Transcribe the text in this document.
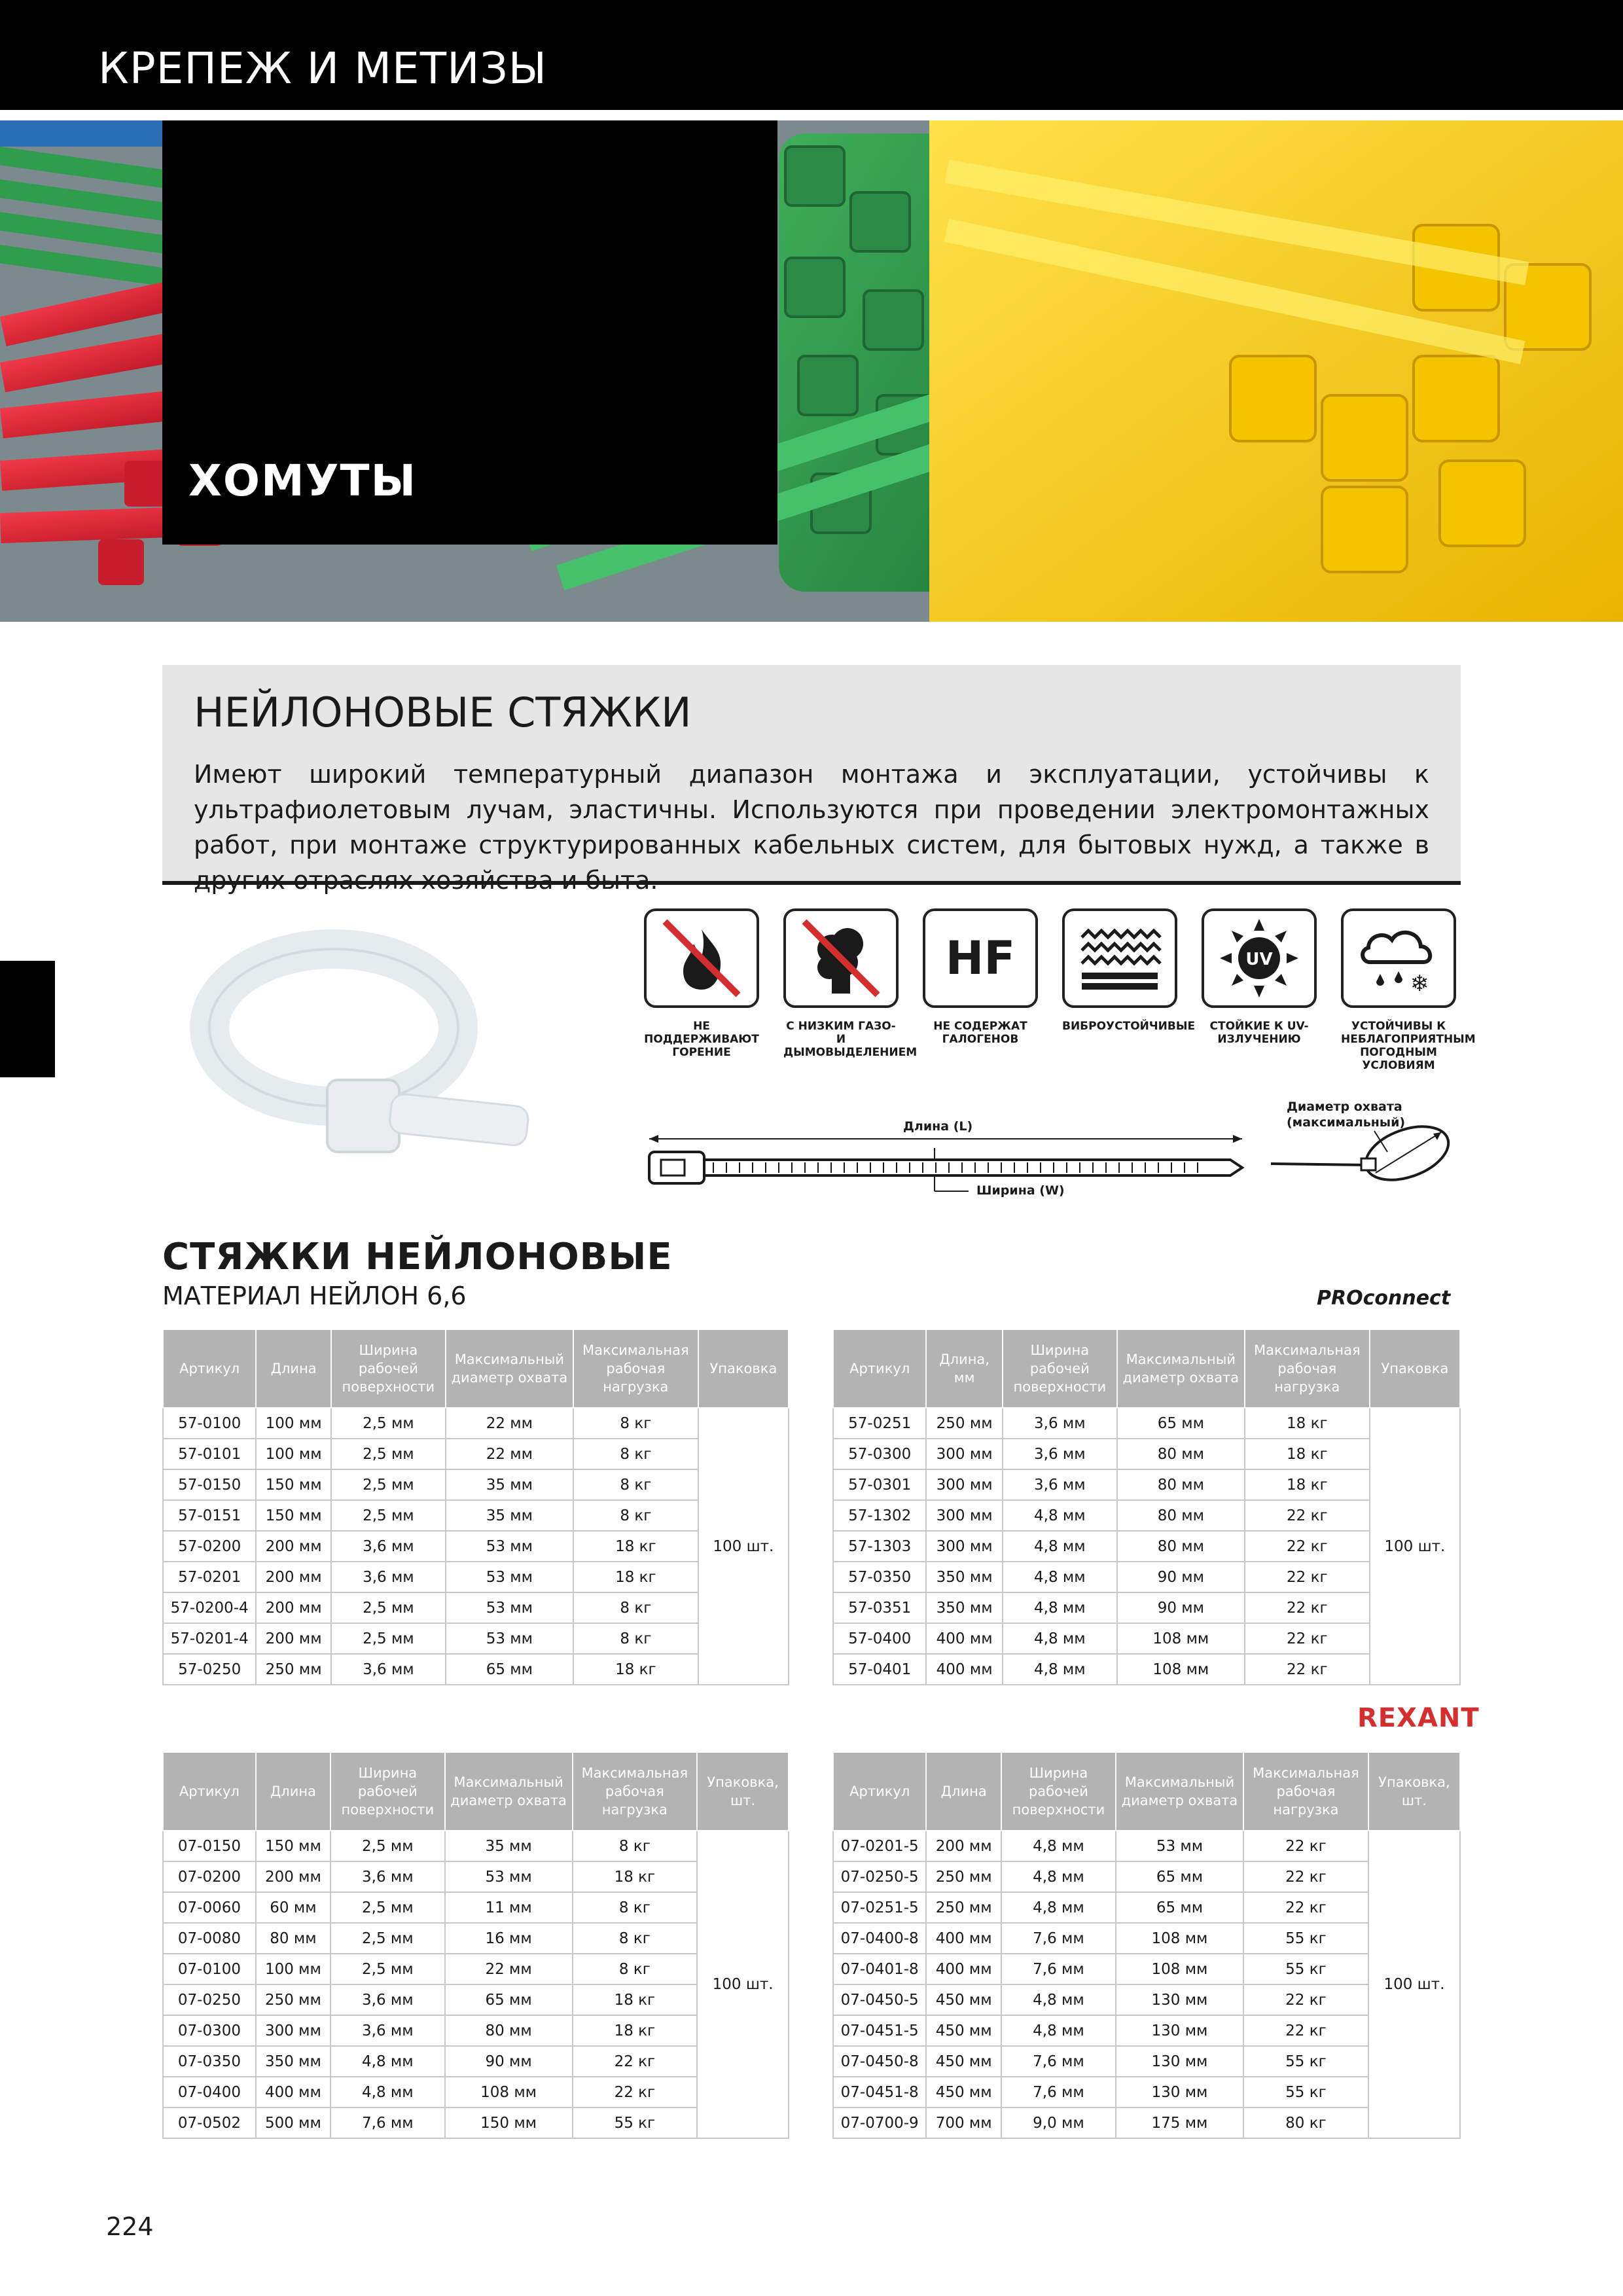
КРЕПЕЖ И МЕТИЗЫ
ХОМУТЫ
НЕЙЛОНОВЫЕ СТЯЖКИ

Имеют широкий температурный диапазон монтажа и эксплуатации, устойчивы к ультрафиолетовым лучам, эластичны. Используются при проведении электромонтажных работ, при монтаже структурированных кабельных систем, для бытовых нужд, а также в других отраслях хозяйства и быта.

НЕ ПОДДЕРЖИВАЮТ ГОРЕНИЕ
С НИЗКИМ ГАЗО- И ДЫМОВЫДЕЛЕНИЕМ
HF
НЕ СОДЕРЖАТ ГАЛОГЕНОВ
ВИБРОУСТОЙЧИВЫЕ
UV
СТОЙКИЕ К UV-ИЗЛУЧЕНИЮ
❄
УСТОЙЧИВЫ К НЕБЛАГОПРИЯТНЫМ ПОГОДНЫМ УСЛОВИЯМ
Длина (L)
Ширина (W)
Диаметр охвата
(максимальный)
СТЯЖКИ НЕЙЛОНОВЫЕ
МАТЕРИАЛ НЕЙЛОН 6,6	PROconnect
REXANT
Артикул	Длина	Ширина рабочей поверхности	Максимальный диаметр охвата	Максимальная рабочая нагрузка	Упаковка
57-0100	100 мм	2,5 мм	22 мм	8 кг	100 шт.
57-0101	100 мм	2,5 мм	22 мм	8 кг	
57-0150	150 мм	2,5 мм	35 мм	8 кг	
57-0151	150 мм	2,5 мм	35 мм	8 кг	
57-0200	200 мм	3,6 мм	53 мм	18 кг	
57-0201	200 мм	3,6 мм	53 мм	18 кг	
57-0200-4	200 мм	2,5 мм	53 мм	8 кг	
57-0201-4	200 мм	2,5 мм	53 мм	8 кг	
57-0250	250 мм	3,6 мм	65 мм	18 кг	
Артикул	Длина, мм	Ширина рабочей поверхности	Максимальный диаметр охвата	Максимальная рабочая нагрузка	Упаковка
57-0251	250 мм	3,6 мм	65 мм	18 кг	100 шт.
57-0300	300 мм	3,6 мм	80 мм	18 кг	
57-0301	300 мм	3,6 мм	80 мм	18 кг	
57-1302	300 мм	4,8 мм	80 мм	22 кг	
57-1303	300 мм	4,8 мм	80 мм	22 кг	
57-0350	350 мм	4,8 мм	90 мм	22 кг	
57-0351	350 мм	4,8 мм	90 мм	22 кг	
57-0400	400 мм	4,8 мм	108 мм	22 кг	
57-0401	400 мм	4,8 мм	108 мм	22 кг	
Артикул	Длина	Ширина рабочей поверхности	Максимальный диаметр охвата	Максимальная рабочая нагрузка	Упаковка, шт.
07-0150	150 мм	2,5 мм	35 мм	8 кг	100 шт.
07-0200	200 мм	3,6 мм	53 мм	18 кг	
07-0060	60 мм	2,5 мм	11 мм	8 кг	
07-0080	80 мм	2,5 мм	16 мм	8 кг	
07-0100	100 мм	2,5 мм	22 мм	8 кг	
07-0250	250 мм	3,6 мм	65 мм	18 кг	
07-0300	300 мм	3,6 мм	80 мм	18 кг	
07-0350	350 мм	4,8 мм	90 мм	22 кг	
07-0400	400 мм	4,8 мм	108 мм	22 кг	
07-0502	500 мм	7,6 мм	150 мм	55 кг	
Артикул	Длина	Ширина рабочей поверхности	Максимальный диаметр охвата	Максимальная рабочая нагрузка	Упаковка, шт.
07-0201-5	200 мм	4,8 мм	53 мм	22 кг	100 шт.
07-0250-5	250 мм	4,8 мм	65 мм	22 кг	
07-0251-5	250 мм	4,8 мм	65 мм	22 кг	
07-0400-8	400 мм	7,6 мм	108 мм	55 кг	
07-0401-8	400 мм	7,6 мм	108 мм	55 кг	
07-0450-5	450 мм	4,8 мм	130 мм	22 кг	
07-0451-5	450 мм	4,8 мм	130 мм	22 кг	
07-0450-8	450 мм	7,6 мм	130 мм	55 кг	
07-0451-8	450 мм	7,6 мм	130 мм	55 кг	
07-0700-9	700 мм	9,0 мм	175 мм	80 кг	
224
